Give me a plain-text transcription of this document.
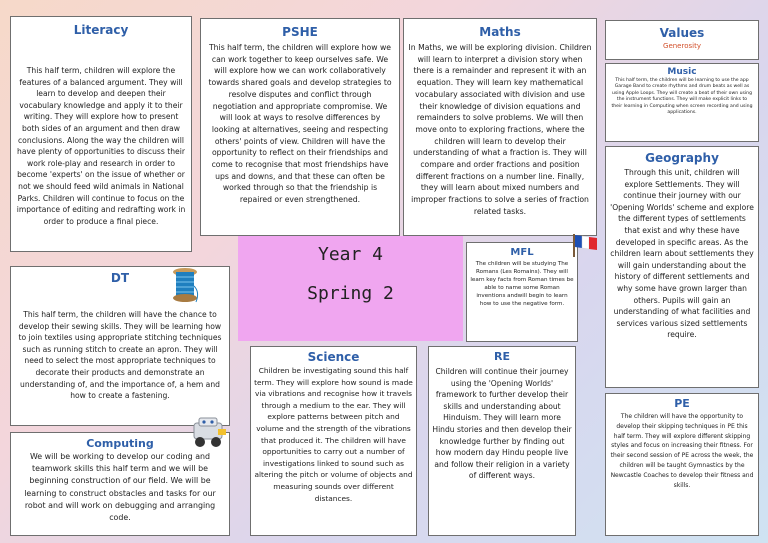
Literacy

This half term, children will explore the features of a balanced argument. They will learn to develop and deepen their vocabulary knowledge and apply it to their writing. They will explore how to present both sides of an argument and then draw conclusions. Along the way the children will have plenty of opportunities to discuss their work role-play and research in order to become 'experts' on the issue of whether or not we should feed wild animals in National Parks. Children will continue to focus on the importance of editing and redrafting work in order to produce a final piece.

PSHE

This half term, the children will explore how we can work together to keep ourselves safe. We will explore how we can work collaboratively towards shared goals and develop strategies to resolve disputes and conflict through negotiation and appropriate compromise. We will look at ways to resolve differences by looking at alternatives, seeing and respecting others' points of view. Children will have the opportunity to reflect on their friendships and come to recognise that most friendships have ups and downs, and that these can often be worked through so that the friendship is repaired or even strengthened.

Maths

In Maths, we will be exploring division. Children will learn to interpret a division story when there is a remainder and represent it with an equation. They will learn key mathematical vocabulary associated with division and use their knowledge of division equations and remainders to solve problems. We will then move onto to exploring fractions, where the children will learn to develop their understanding of what a fraction is. They will compare and order fractions and position different fractions on a number line. Finally, they will learn about mixed numbers and improper fractions to solve a series of fraction related tasks.

Values

Generosity

Music

This half term, the children will be learning to use the app Garage Band to create rhythms and drum beats as well as using Apple Loops. They will create a beat of their own using the instrument functions. They will make explicit links to their learning in Computing when screen recording and using applications.

Geography

Through this unit, children will explore Settlements. They will continue their journey with our 'Opening Worlds' scheme and explore the different types of settlements that exist and why these have developed in specific areas. As the children learn about settlements they will gain understanding about the history of different settlements and why some have grown larger than others. Pupils will gain an understanding of what facilities and services various sized settlements require.

Year 4

Spring 2

MFL

The children will be studying The Romans (Les Romains). They will learn key facts from Roman times be able to name some Roman inventions andwill begin to learn how to use the negative form.

DT

This half term, the children will have the chance to develop their sewing skills. They will be learning how to join textiles using appropriate stitching techniques such as running stitch to create an apron. They will need to select the most appropriate techniques to decorate their products and demonstrate an understanding of, and the importance of, a hem and how to create a fastening.

Computing

We will be working to develop our coding and teamwork skills this half term and we will be beginning construction of our field. We will be learning to construct obstacles and tasks for our robot and will work on debugging and arranging code.

Science

Children be investigating sound this half term. They will explore how sound is made via vibrations and recognise how it travels through a medium to the ear. They will explore patterns between pitch and volume and the strength of the vibrations that produced it. The children will have opportunities to carry out a number of investigations linked to sound such as altering the pitch or volume of objects and measuring sounds over different distances.

RE

Children will continue their journey using the 'Opening Worlds' framework to further develop their skills and understanding about Hinduism. They will learn more Hindu stories and then develop their knowledge further by finding out how modern day Hindu people live and follow their religion in a variety of different ways.

PE

The children will have the opportunity to develop their skipping techniques in PE this half term. They will explore different skipping styles and focus on increasing their fitness. For their second session of PE across the week, the children will be taught Gymnastics by the Newcastle Coaches to develop their fitness and skills.
